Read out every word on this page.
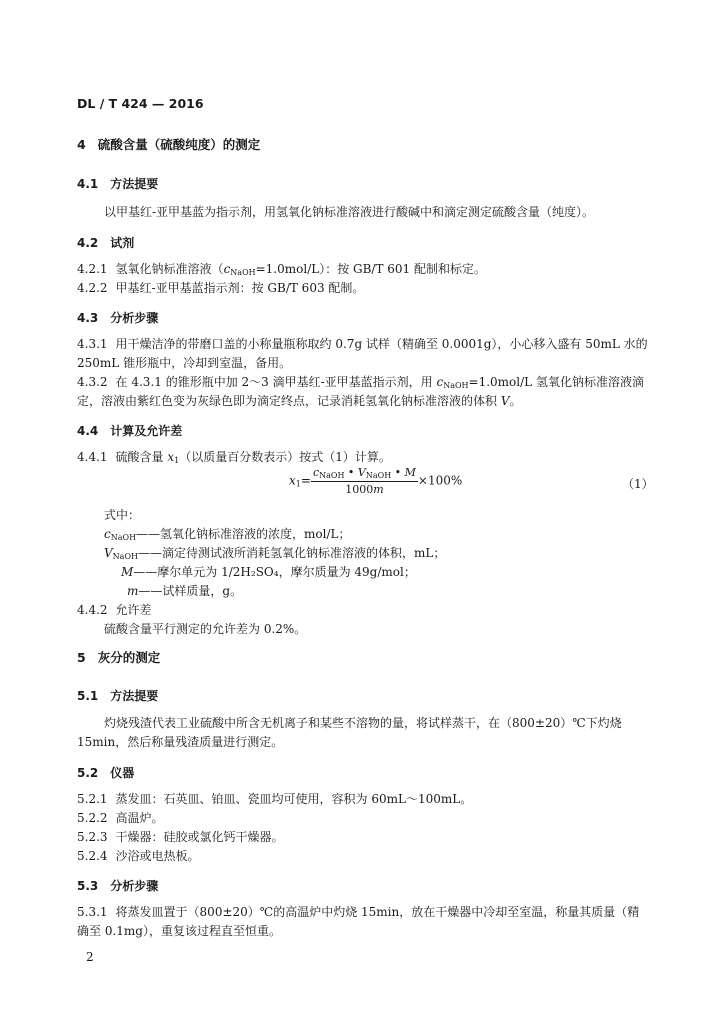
DL / T 424 — 2016
4 硫酸含量（硫酸纯度）的测定
4.1 方法提要
以甲基红-亚甲基蓝为指示剂，用氢氧化钠标准溶液进行酸碱中和滴定测定硫酸含量（纯度）。
4.2 试剂
4.2.1 氢氧化钠标准溶液$(c_{NaOH}=1.0mol/L)$：按 GB/T 601 配制和标定。
4.2.2 甲基红-亚甲基蓝指示剂：按 GB/T 603 配制。
4.3 分析步骤
4.3.1 用干燥洁净的带磨口盖的小称量瓶称取约 0.7g 试样（精确至 0.0001g），小心移入盛有 50mL 水的
250mL 锥形瓶中，冷却到室温，备用。
4.3.2 在 4.3.1 的锥形瓶中加 2～3 滴甲基红-亚甲基蓝指示剂，用 $c_{NaOH}=1.0mol/L$ 氢氧化钠标准溶液滴
定，溶液由紫红色变为灰绿色即为滴定终点，记录消耗氢氧化钠标准溶液的体积 V。
4.4 计算及允许差
4.4.1 硫酸含量 $x_1$（以质量百分数表示）按式（1）计算。
$x_1= \frac{c_{NaOH} • V_{NaOH} • M}{1000m} \times 100\%$	（1）
式中：
$c_{NaOH}——$氢氧化钠标准溶液的浓度，mol/L；
$V_{NaOH}——$滴定待测试液所消耗氢氧化钠标准溶液的体积，mL；
M——摩尔单元为 1/2H₂SO₄，摩尔质量为 49g/mol；
m——试样质量，g。
4.4.2 允许差
硫酸含量平行测定的允许差为 0.2%。
5 灰分的测定
5.1 方法提要
灼烧残渣代表工业硫酸中所含无机离子和某些不溶物的量，将试样蒸干，在（800±20）℃下灼烧
15min，然后称量残渣质量进行测定。
5.2 仪器
5.2.1 蒸发皿：石英皿、铂皿、瓷皿均可使用，容积为 60mL～100mL。
5.2.2 高温炉。
5.2.3 干燥器：硅胶或氯化钙干燥器。
5.2.4 沙浴或电热板。
5.3 分析步骤
5.3.1 将蒸发皿置于（800±20）℃的高温炉中灼烧 15min，放在干燥器中冷却至室温，称量其质量（精
确至 0.1mg），重复该过程直至恒重。
2
